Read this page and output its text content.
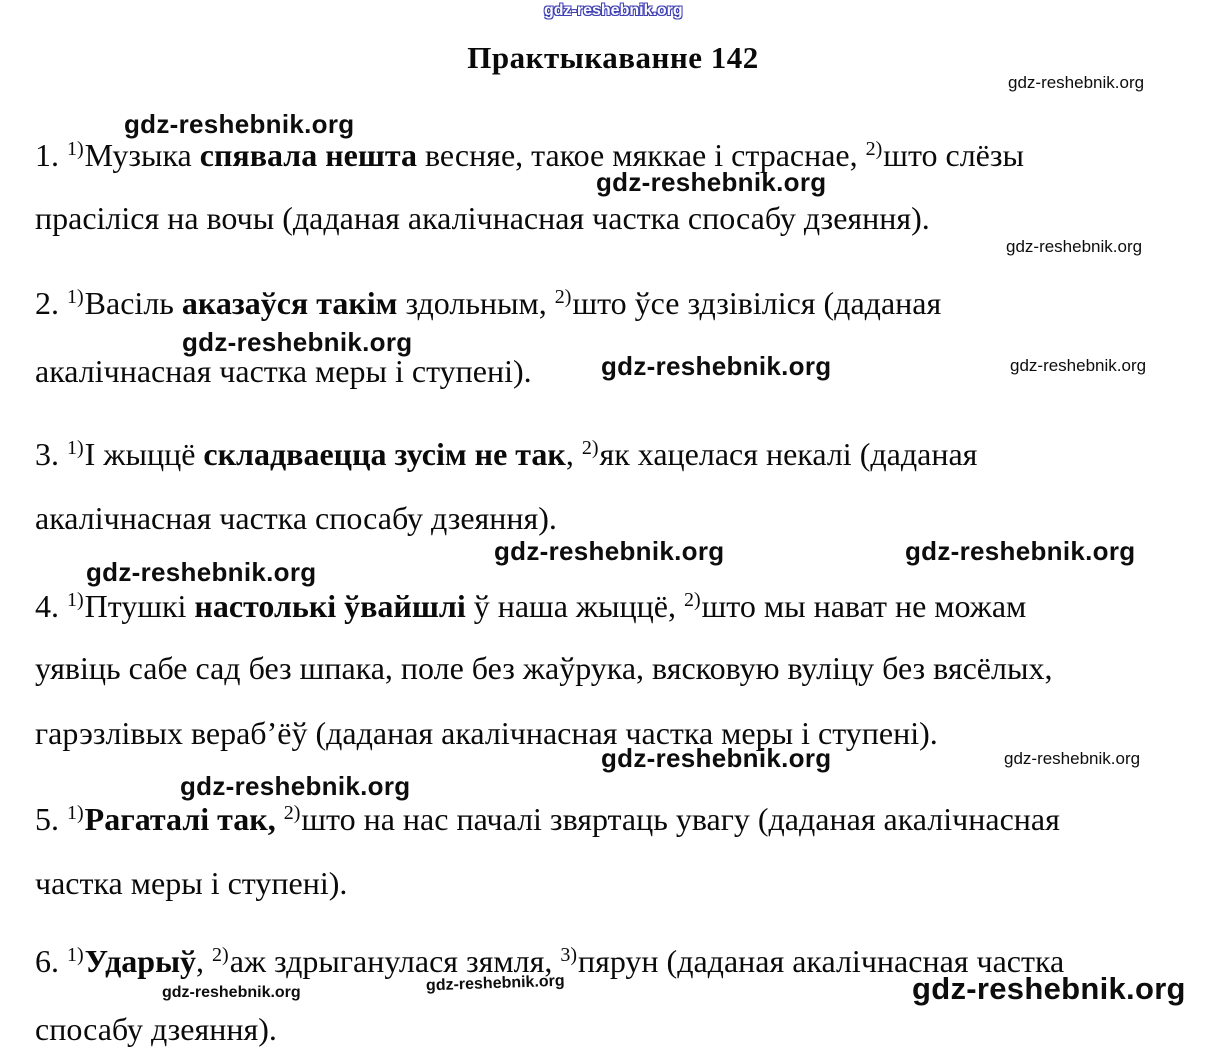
gdz-reshebnik.org
gdz-reshebnik.org
gdz-reshebnik.org
gdz-reshebnik.org
gdz-reshebnik.org
gdz-reshebnik.org
gdz-reshebnik.org	gdz-reshebnik.org
gdz-reshebnik.org	gdz-reshebnik.org
gdz-reshebnik.org
gdz-reshebnik.org	gdz-reshebnik.org
gdz-reshebnik.org
gdz-reshebnik.org	gdz-reshebnik.org	gdz-reshebnik.org
Практыкаванне 142
1. 1)Музыка спявала нешта весняе, такое мяккае і страснае, 2)што слёзы
прасіліся на вочы (даданая акалічнасная частка спосабу дзеяння).
2. 1)Васіль аказаўся такім здольным, 2)што ўсе здзівіліся (даданая
акалічнасная частка меры і ступені).
3. 1)І жыццё складваецца зусім не так, 2)як хацелася некалі (даданая
акалічнасная частка спосабу дзеяння).
4. 1)Птушкі настолькі ўвайшлі ў наша жыццё, 2)што мы нават не можам
уявіць сабе сад без шпака, поле без жаўрука, вясковую вуліцу без вясёлых,
гарэзлівых вераб’ёў (даданая акалічнасная частка меры і ступені).
5. 1)Рагаталі так, 2)што на нас пачалі звяртаць увагу (даданая акалічнасная
частка меры і ступені).
6. 1)Ударыў, 2)аж здрыганулася зямля, 3)пярун (даданая акалічнасная частка
спосабу дзеяння).
